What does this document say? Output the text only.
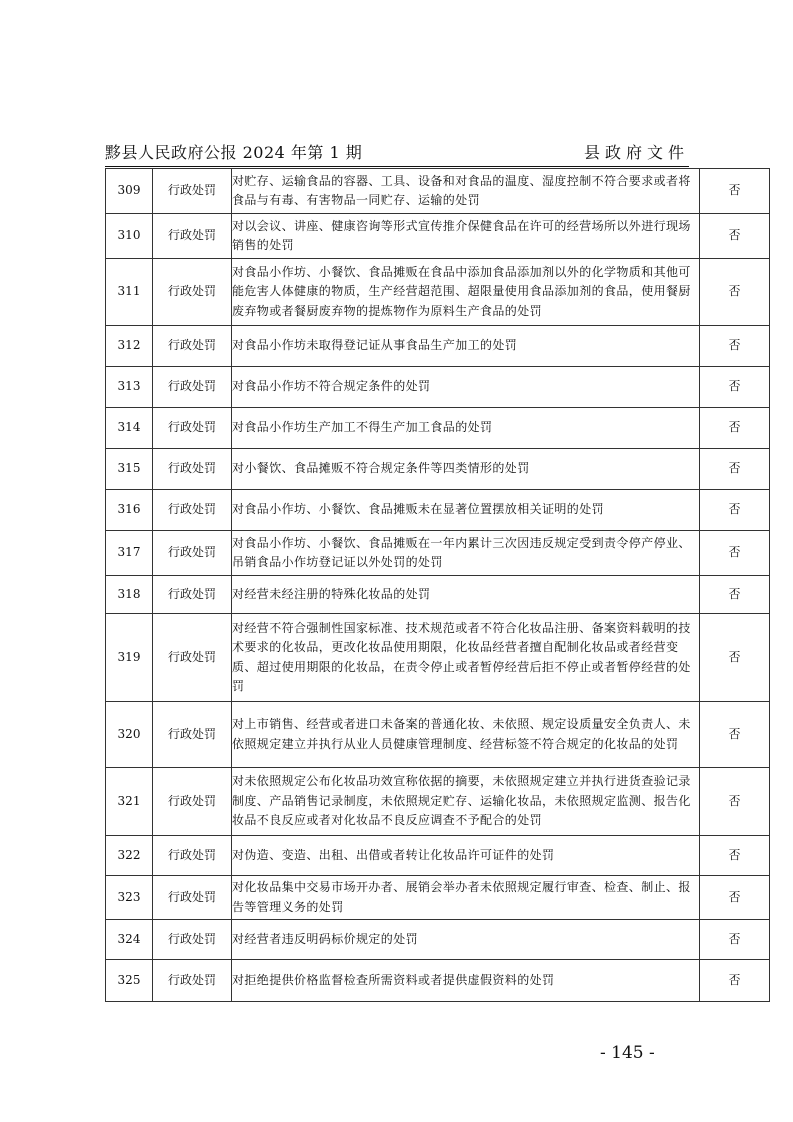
黟县人民政府公报 2024 年第 1 期	县政府文件
309	行政处罚	对贮存、运输食品的容器、工具、设备和对食品的温度、湿度控制不符合要求或者将食品与有毒、有害物品一同贮存、运输的处罚	否
310	行政处罚	对以会议、讲座、健康咨询等形式宣传推介保健食品在许可的经营场所以外进行现场销售的处罚	否
311	行政处罚	对食品小作坊、小餐饮、食品摊贩在食品中添加食品添加剂以外的化学物质和其他可能危害人体健康的物质，生产经营超范围、超限量使用食品添加剂的食品，使用餐厨废弃物或者餐厨废弃物的提炼物作为原料生产食品的处罚	否
312	行政处罚	对食品小作坊未取得登记证从事食品生产加工的处罚	否
313	行政处罚	对食品小作坊不符合规定条件的处罚	否
314	行政处罚	对食品小作坊生产加工不得生产加工食品的处罚	否
315	行政处罚	对小餐饮、食品摊贩不符合规定条件等四类情形的处罚	否
316	行政处罚	对食品小作坊、小餐饮、食品摊贩未在显著位置摆放相关证明的处罚	否
317	行政处罚	对食品小作坊、小餐饮、食品摊贩在一年内累计三次因违反规定受到责令停产停业、吊销食品小作坊登记证以外处罚的处罚	否
318	行政处罚	对经营未经注册的特殊化妆品的处罚	否
319	行政处罚	对经营不符合强制性国家标准、技术规范或者不符合化妆品注册、备案资料载明的技术要求的化妆品，更改化妆品使用期限，化妆品经营者擅自配制化妆品或者经营变质、超过使用期限的化妆品，在责令停止或者暂停经营后拒不停止或者暂停经营的处罚	否
320	行政处罚	对上市销售、经营或者进口未备案的普通化妆、未依照、规定设质量安全负责人、未依照规定建立并执行从业人员健康管理制度、经营标签不符合规定的化妆品的处罚	否
321	行政处罚	对未依照规定公布化妆品功效宣称依据的摘要，未依照规定建立并执行进货查验记录制度、产品销售记录制度，未依照规定贮存、运输化妆品，未依照规定监测、报告化妆品不良反应或者对化妆品不良反应调查不予配合的处罚	否
322	行政处罚	对伪造、变造、出租、出借或者转让化妆品许可证件的处罚	否
323	行政处罚	对化妆品集中交易市场开办者、展销会举办者未依照规定履行审查、检查、制止、报告等管理义务的处罚	否
324	行政处罚	对经营者违反明码标价规定的处罚	否
325	行政处罚	对拒绝提供价格监督检查所需资料或者提供虚假资料的处罚	否
- 145 -
